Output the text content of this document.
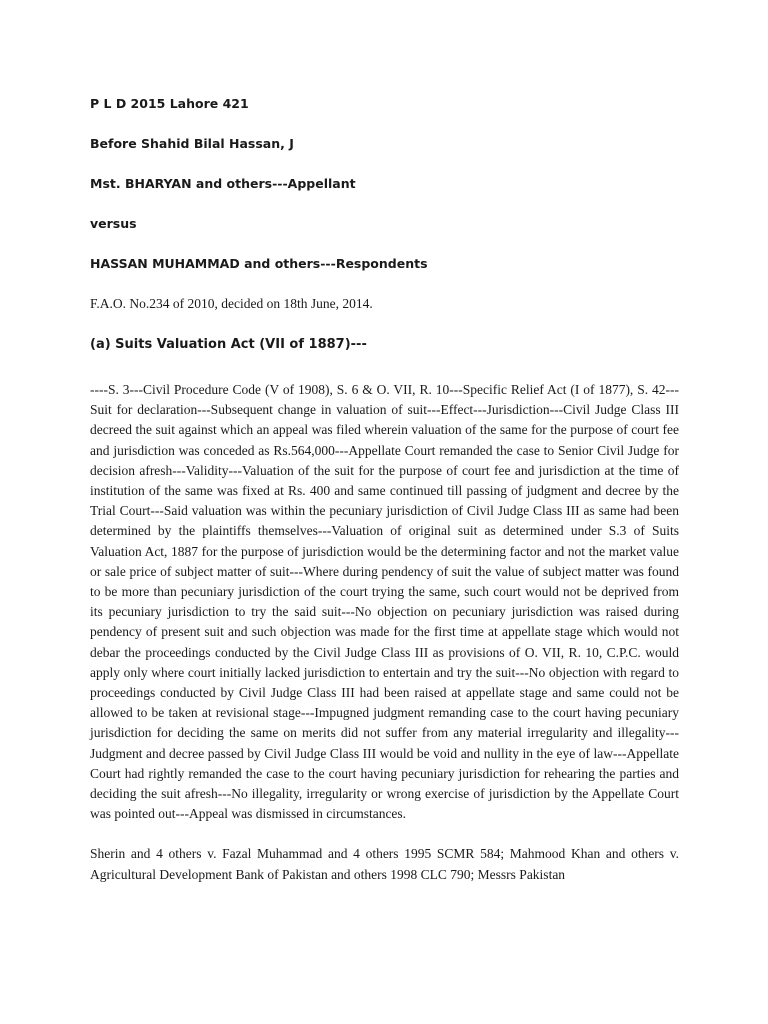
P L D 2015 Lahore 421

Before Shahid Bilal Hassan, J

Mst. BHARYAN and others---Appellant

versus

HASSAN MUHAMMAD and others---Respondents

F.A.O. No.234 of 2010, decided on 18th June, 2014.

(a) Suits Valuation Act (VII of 1887)---

----S. 3---Civil Procedure Code (V of 1908), S. 6 & O. VII, R. 10---Specific Relief Act (I of 1877), S. 42---Suit for declaration---Subsequent change in valuation of suit---Effect---Jurisdiction---Civil Judge Class III decreed the suit against which an appeal was filed wherein valuation of the same for the purpose of court fee and jurisdiction was conceded as Rs.564,000---Appellate Court remanded the case to Senior Civil Judge for decision afresh---Validity---Valuation of the suit for the purpose of court fee and jurisdiction at the time of institution of the same was fixed at Rs. 400 and same continued till passing of judgment and decree by the Trial Court---Said valuation was within the pecuniary jurisdiction of Civil Judge Class III as same had been determined by the plaintiffs themselves---Valuation of original suit as determined under S.3 of Suits Valuation Act, 1887 for the purpose of jurisdiction would be the determining factor and not the market value or sale price of subject matter of suit---Where during pendency of suit the value of subject matter was found to be more than pecuniary jurisdiction of the court trying the same, such court would not be deprived from its pecuniary jurisdiction to try the said suit---No objection on pecuniary jurisdiction was raised during pendency of present suit and such objection was made for the first time at appellate stage which would not debar the proceedings conducted by the Civil Judge Class III as provisions of O. VII, R. 10, C.P.C. would apply only where court initially lacked jurisdiction to entertain and try the suit---No objection with regard to proceedings conducted by Civil Judge Class III had been raised at appellate stage and same could not be allowed to be taken at revisional stage---Impugned judgment remanding case to the court having pecuniary jurisdiction for deciding the same on merits did not suffer from any material irregularity and illegality---Judgment and decree passed by Civil Judge Class III would be void and nullity in the eye of law---Appellate Court had rightly remanded the case to the court having pecuniary jurisdiction for rehearing the parties and deciding the suit afresh---No illegality, irregularity or wrong exercise of jurisdiction by the Appellate Court was pointed out---Appeal was dismissed in circumstances.

Sherin and 4 others v. Fazal Muhammad and 4 others 1995 SCMR 584; Mahmood Khan and others v. Agricultural Development Bank of Pakistan and others 1998 CLC 790; Messrs Pakistan
